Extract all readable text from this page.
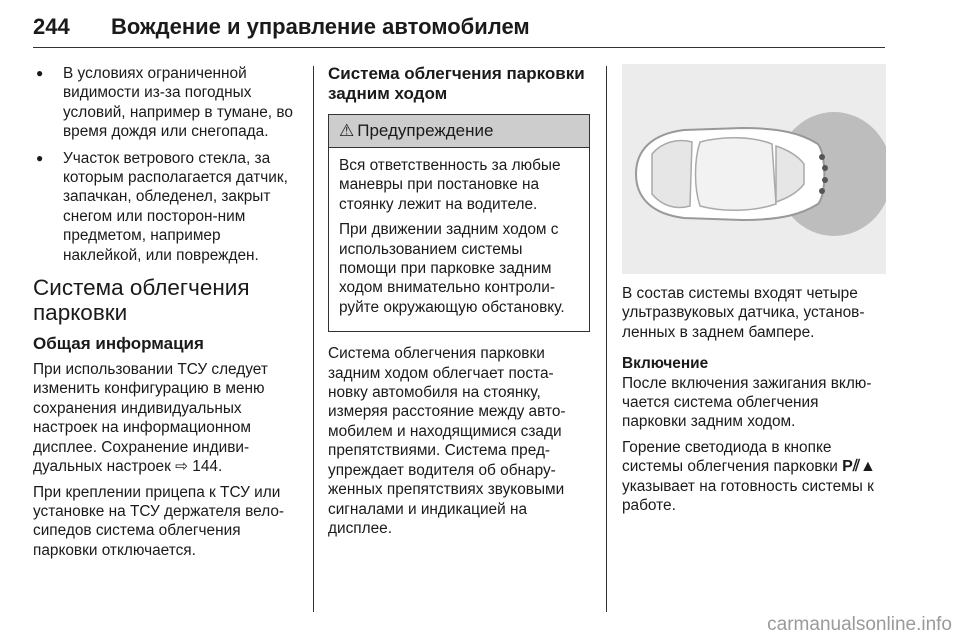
244 Вождение и управление автомобилем
● В условиях ограниченной видимости из-за погодных условий, например в тумане, во время дождя или снегопада.
● Участок ветрового стекла, за которым располагается датчик, запачкан, обледенел, закрыт снегом или посторон-ним предметом, например наклейкой, или поврежден.
Система облегчения парковки
Общая информация

При использовании ТСУ следует изменить конфигурацию в меню сохранения индивидуальных настроек на информационном дисплее. Сохранение индиви-дуальных настроек ⇨ 144.

При креплении прицепа к ТСУ или установке на ТСУ держателя вело-сипедов система облегчения парковки отключается.

Система облегчения парковки задним ходом
⚠ Предупреждение

Вся ответственность за любые маневры при постановке на стоянку лежит на водителе.

При движении задним ходом с использованием системы помощи при парковке задним ходом внимательно контроли-руйте окружающую обстановку.

Система облегчения парковки задним ходом облегчает поста-новку автомобиля на стоянку, измеряя расстояние между авто-мобилем и находящимися сзади препятствиями. Система пред-упреждает водителя об обнару-женных препятствиях звуковыми сигналами и индикацией на дисплее.

В состав системы входят четыре ультразвуковых датчика, установ-ленных в заднем бампере.

Включение

После включения зажигания вклю-чается система облегчения парковки задним ходом.

Горение светодиода в кнопке системы облегчения парковки P⫽▲ указывает на готовность системы к работе.

carmanualsonline.info
